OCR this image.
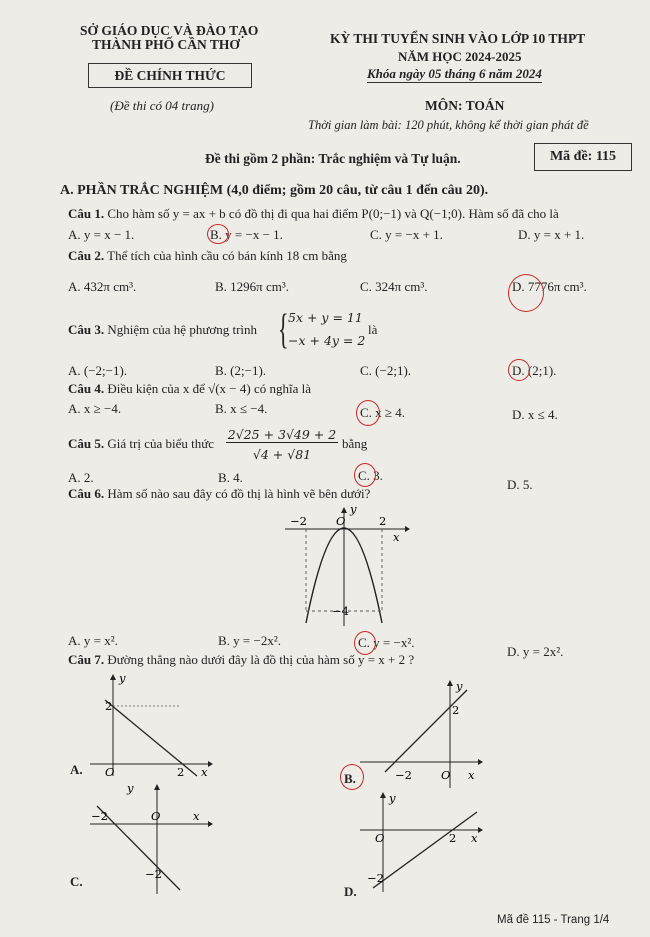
SỞ GIÁO DỤC VÀ ĐÀO TẠO
THÀNH PHỐ CẦN THƠ
ĐỀ CHÍNH THỨC
(Đề thi có 04 trang)
KỲ THI TUYỂN SINH VÀO LỚP 10 THPT
NĂM HỌC 2024-2025
Khóa ngày 05 tháng 6 năm 2024
MÔN: TOÁN
Thời gian làm bài: 120 phút, không kể thời gian phát đề
Mã đề: 115
Đề thi gồm 2 phần: Trắc nghiệm và Tự luận.
A. PHẦN TRẮC NGHIỆM (4,0 điểm; gồm 20 câu, từ câu 1 đến câu 20).
Câu 1. Cho hàm số y = ax + b có đồ thị đi qua hai điểm P(0;−1) và Q(−1;0). Hàm số đã cho là
A. y = x − 1.	B. y = −x − 1.	C. y = −x + 1.	D. y = x + 1.
Câu 2. Thể tích của hình cầu có bán kính 18 cm bằng
A. 432π cm³.	B. 1296π cm³.	C. 324π cm³.	D. 7776π cm³.
Câu 3. Nghiệm của hệ phương trình { 5x + y = 11
−x + 4y = 2
là
A. (−2;−1).	B. (2;−1).	C. (−2;1).	D. (2;1).
Câu 4. Điều kiện của x để √(x − 4) có nghĩa là
A. x ≥ −4.	B. x ≤ −4.	C. x ≥ 4.	D. x ≤ 4.
Câu 5. Giá trị của biểu thức
2√25 + 3√49 + 2
√4 + √81
bằng
A. 2.	B. 4.	C. 3.
D. 5.
Câu 6. Hàm số nào sau đây có đồ thị là hình vẽ bên dưới?
y
x
O
−2	2
−4
A. y = x².	B. y = −2x².	C. y = −x².
D. y = 2x².
Câu 7. Đường thẳng nào dưới đây là đồ thị của hàm số y = x + 2 ?
A.
y
2
O	2 x	B.
y
2
−2	O x
C.
y
−2	O	x
−2
D.
y
O	2 x
−2
Mã đề 115 - Trang 1/4
